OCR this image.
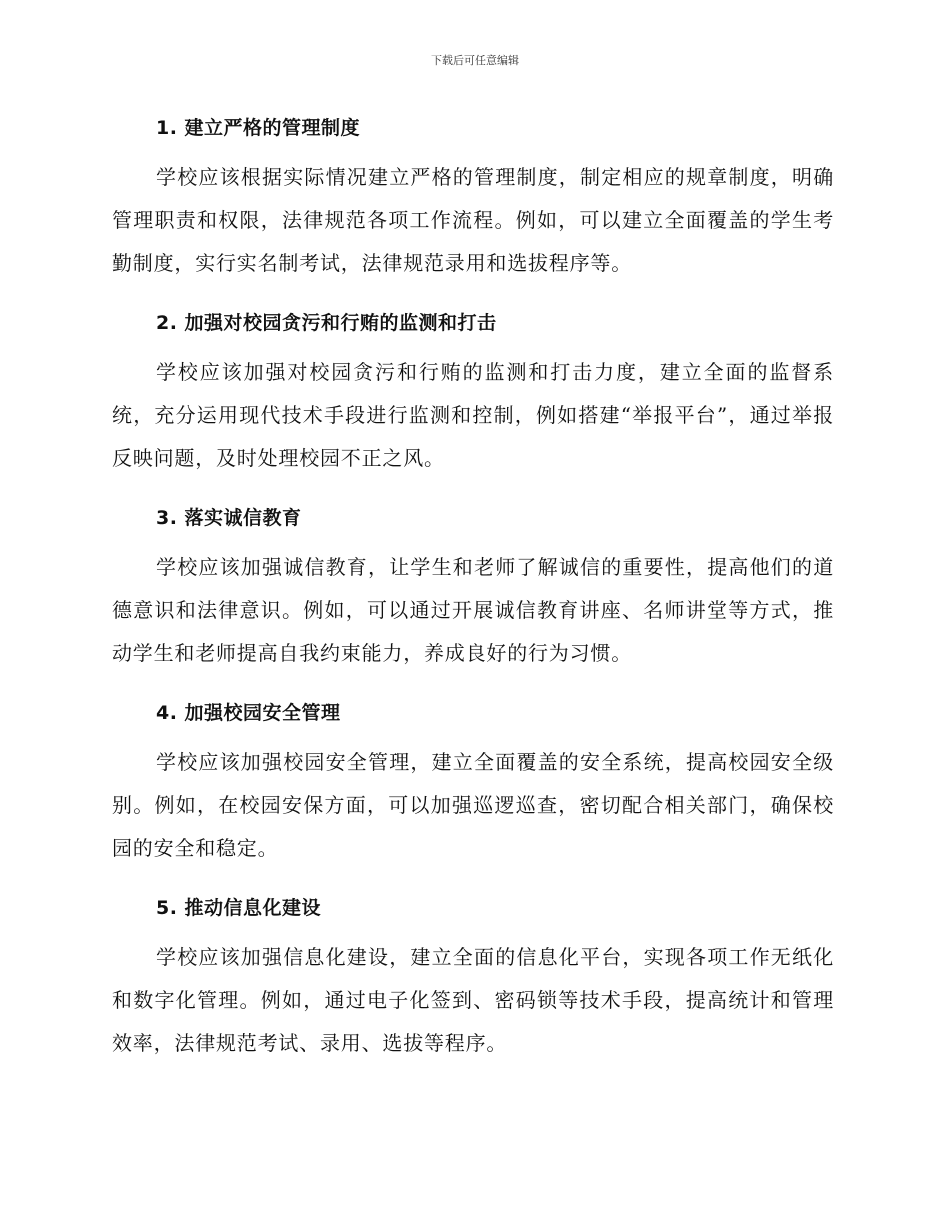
下载后可任意编辑
1. 建立严格的管理制度

学校应该根据实际情况建立严格的管理制度，制定相应的规章制度，明确管理职责和权限，法律规范各项工作流程。例如，可以建立全面覆盖的学生考勤制度，实行实名制考试，法律规范录用和选拔程序等。

2. 加强对校园贪污和行贿的监测和打击

学校应该加强对校园贪污和行贿的监测和打击力度，建立全面的监督系统，充分运用现代技术手段进行监测和控制，例如搭建“举报平台”，通过举报反映问题，及时处理校园不正之风。

3. 落实诚信教育

学校应该加强诚信教育，让学生和老师了解诚信的重要性，提高他们的道德意识和法律意识。例如，可以通过开展诚信教育讲座、名师讲堂等方式，推动学生和老师提高自我约束能力，养成良好的行为习惯。

4. 加强校园安全管理

学校应该加强校园安全管理，建立全面覆盖的安全系统，提高校园安全级别。例如，在校园安保方面，可以加强巡逻巡查，密切配合相关部门，确保校园的安全和稳定。

5. 推动信息化建设

学校应该加强信息化建设，建立全面的信息化平台，实现各项工作无纸化和数字化管理。例如，通过电子化签到、密码锁等技术手段，提高统计和管理效率，法律规范考试、录用、选拔等程序。
